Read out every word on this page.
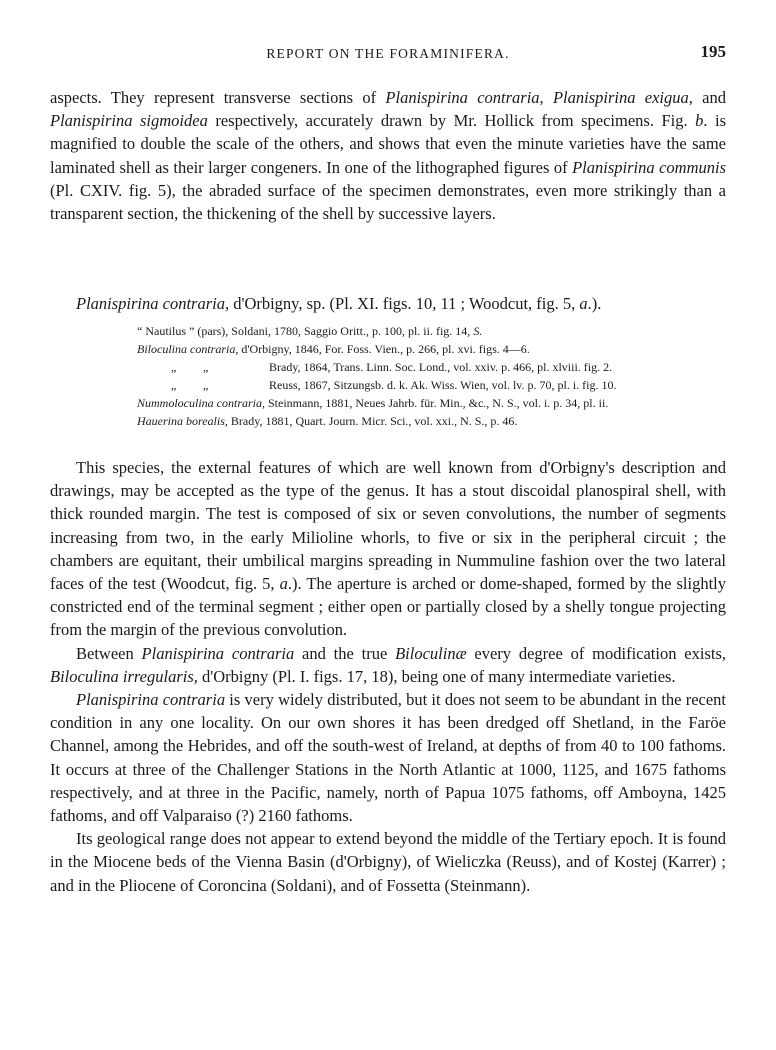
REPORT ON THE FORAMINIFERA.	195

aspects. They represent transverse sections of Planispirina contraria, Planispirina exigua, and Planispirina sigmoidea respectively, accurately drawn by Mr. Hollick from specimens. Fig. b. is magnified to double the scale of the others, and shows that even the minute varieties have the same laminated shell as their larger congeners. In one of the lithographed figures of Planispirina communis (Pl. CXIV. fig. 5), the abraded surface of the specimen demonstrates, even more strikingly than a transparent section, the thickening of the shell by successive layers.

Planispirina contraria, d'Orbigny, sp. (Pl. XI. figs. 10, 11 ; Woodcut, fig. 5, a.).
“ Nautilus ” (pars), Soldani, 1780, Saggio Oritt., p. 100, pl. ii. fig. 14, S.
Biloculina contraria, d'Orbigny, 1846, For. Foss. Vien., p. 266, pl. xvi. figs. 4—6.
„ „	Brady, 1864, Trans. Linn. Soc. Lond., vol. xxiv. p. 466, pl. xlviii. fig. 2.
„ „	Reuss, 1867, Sitzungsb. d. k. Ak. Wiss. Wien, vol. lv. p. 70, pl. i. fig. 10.
Nummoloculina contraria, Steinmann, 1881, Neues Jahrb. für. Min., &c., N. S., vol. i. p. 34, pl. ii.
Hauerina borealis, Brady, 1881, Quart. Journ. Micr. Sci., vol. xxi., N. S., p. 46.

This species, the external features of which are well known from d'Orbigny's description and drawings, may be accepted as the type of the genus. It has a stout discoidal planospiral shell, with thick rounded margin. The test is composed of six or seven convolutions, the number of segments increasing from two, in the early Milioline whorls, to five or six in the peripheral circuit ; the chambers are equitant, their umbilical margins spreading in Nummuline fashion over the two lateral faces of the test (Woodcut, fig. 5, a.). The aperture is arched or dome-shaped, formed by the slightly constricted end of the terminal segment ; either open or partially closed by a shelly tongue projecting from the margin of the previous convolution.

Between Planispirina contraria and the true Biloculinæ every degree of modification exists, Biloculina irregularis, d'Orbigny (Pl. I. figs. 17, 18), being one of many intermediate varieties.

Planispirina contraria is very widely distributed, but it does not seem to be abundant in the recent condition in any one locality. On our own shores it has been dredged off Shetland, in the Faröe Channel, among the Hebrides, and off the south-west of Ireland, at depths of from 40 to 100 fathoms. It occurs at three of the Challenger Stations in the North Atlantic at 1000, 1125, and 1675 fathoms respectively, and at three in the Pacific, namely, north of Papua 1075 fathoms, off Amboyna, 1425 fathoms, and off Valparaiso (?) 2160 fathoms.

Its geological range does not appear to extend beyond the middle of the Tertiary epoch. It is found in the Miocene beds of the Vienna Basin (d'Orbigny), of Wieliczka (Reuss), and of Kostej (Karrer) ; and in the Pliocene of Coroncina (Soldani), and of Fossetta (Steinmann).
